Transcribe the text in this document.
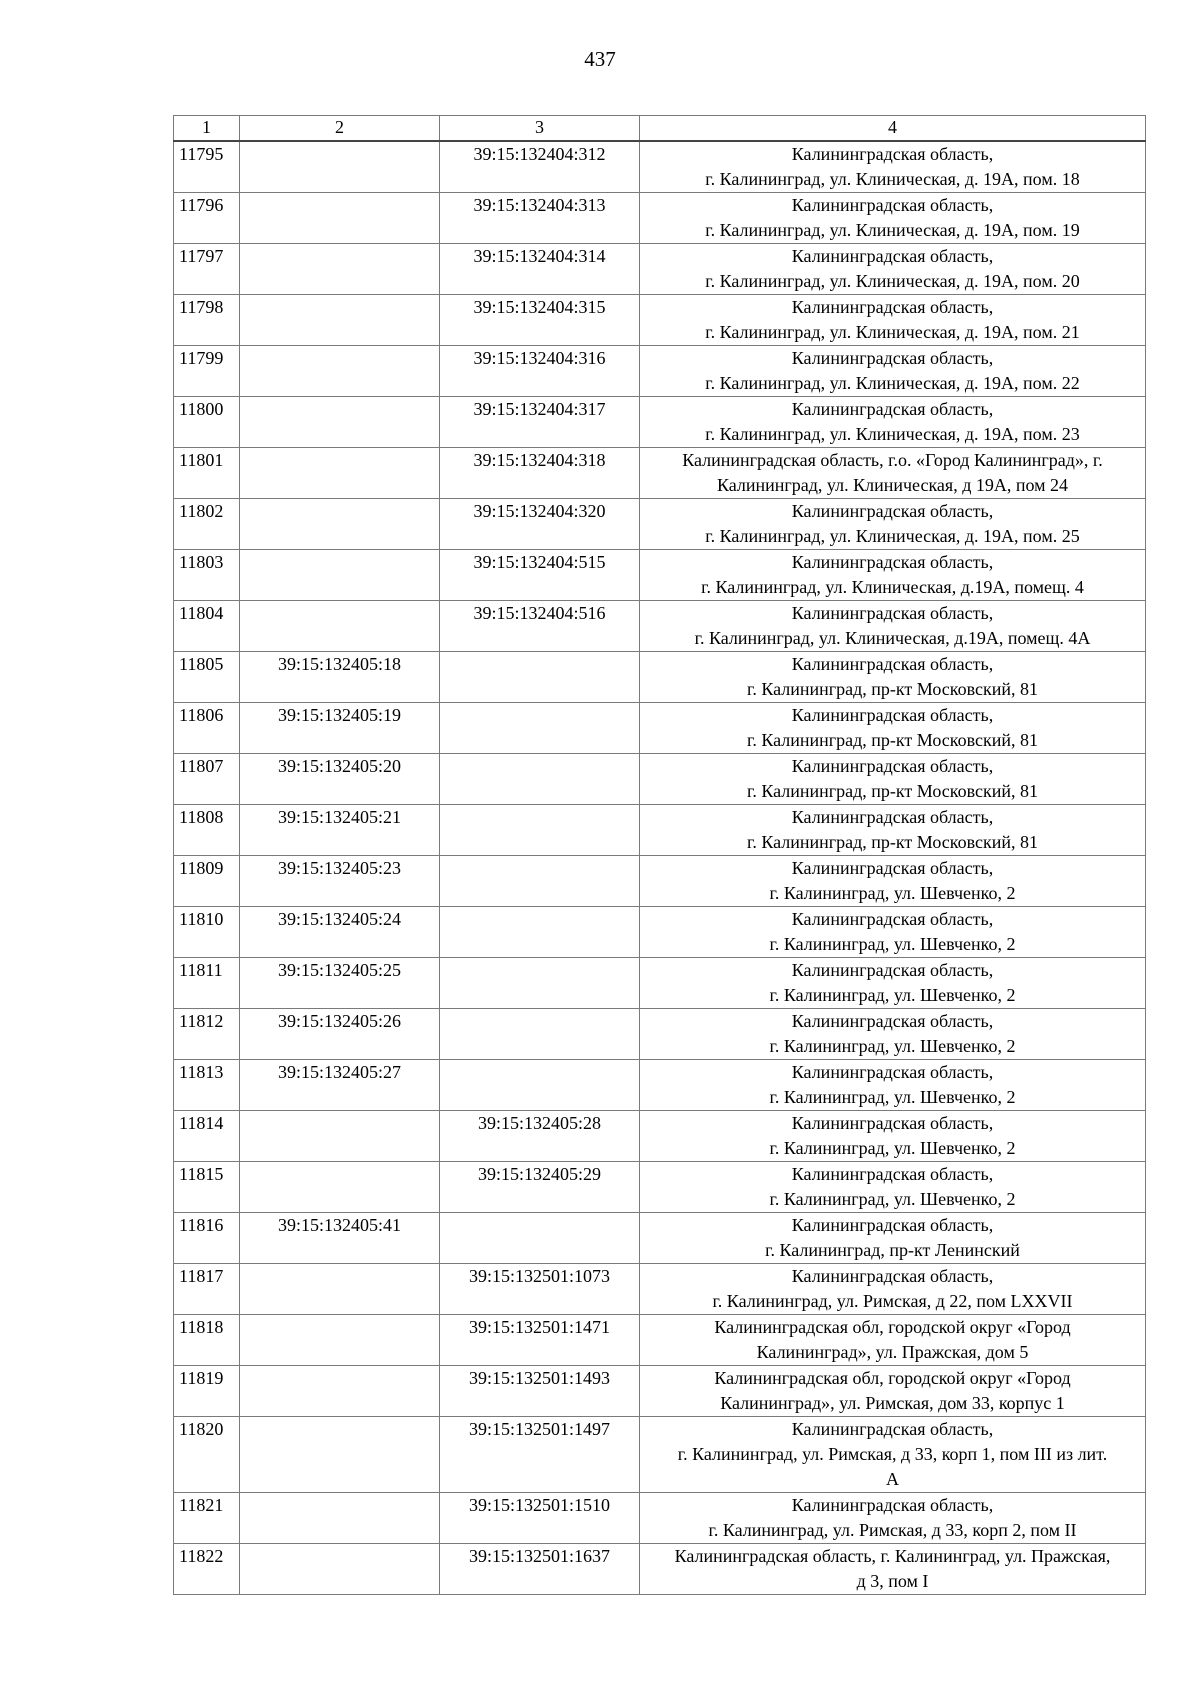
437
1	2	3	4
11795		39:15:132404:312	Калининградская область,
г. Калининград, ул. Клиническая, д. 19А, пом. 18
11796		39:15:132404:313	Калининградская область,
г. Калининград, ул. Клиническая, д. 19А, пом. 19
11797		39:15:132404:314	Калининградская область,
г. Калининград, ул. Клиническая, д. 19А, пом. 20
11798		39:15:132404:315	Калининградская область,
г. Калининград, ул. Клиническая, д. 19А, пом. 21
11799		39:15:132404:316	Калининградская область,
г. Калининград, ул. Клиническая, д. 19А, пом. 22
11800		39:15:132404:317	Калининградская область,
г. Калининград, ул. Клиническая, д. 19А, пом. 23
11801		39:15:132404:318	Калининградская область, г.о. «Город Калининград», г.
Калининград, ул. Клиническая, д 19А, пом 24
11802		39:15:132404:320	Калининградская область,
г. Калининград, ул. Клиническая, д. 19А, пом. 25
11803		39:15:132404:515	Калининградская область,
г. Калининград, ул. Клиническая, д.19А, помещ. 4
11804		39:15:132404:516	Калининградская область,
г. Калининград, ул. Клиническая, д.19А, помещ. 4А
11805	39:15:132405:18		Калининградская область,
г. Калининград, пр-кт Московский, 81
11806	39:15:132405:19		Калининградская область,
г. Калининград, пр-кт Московский, 81
11807	39:15:132405:20		Калининградская область,
г. Калининград, пр-кт Московский, 81
11808	39:15:132405:21		Калининградская область,
г. Калининград, пр-кт Московский, 81
11809	39:15:132405:23		Калининградская область,
г. Калининград, ул. Шевченко, 2
11810	39:15:132405:24		Калининградская область,
г. Калининград, ул. Шевченко, 2
11811	39:15:132405:25		Калининградская область,
г. Калининград, ул. Шевченко, 2
11812	39:15:132405:26		Калининградская область,
г. Калининград, ул. Шевченко, 2
11813	39:15:132405:27		Калининградская область,
г. Калининград, ул. Шевченко, 2
11814		39:15:132405:28	Калининградская область,
г. Калининград, ул. Шевченко, 2
11815		39:15:132405:29	Калининградская область,
г. Калининград, ул. Шевченко, 2
11816	39:15:132405:41		Калининградская область,
г. Калининград, пр-кт Ленинский
11817		39:15:132501:1073	Калининградская область,
г. Калининград, ул. Римская, д 22, пом LXXVII
11818		39:15:132501:1471	Калининградская обл, городской округ «Город
Калининград», ул. Пражская, дом 5
11819		39:15:132501:1493	Калининградская обл, городской округ «Город
Калининград», ул. Римская, дом 33, корпус 1
11820		39:15:132501:1497	Калининградская область,
г. Калининград, ул. Римская, д 33, корп 1, пом III из лит.
А
11821		39:15:132501:1510	Калининградская область,
г. Калининград, ул. Римская, д 33, корп 2, пом II
11822		39:15:132501:1637	Калининградская область, г. Калининград, ул. Пражская,
д 3, пом I
